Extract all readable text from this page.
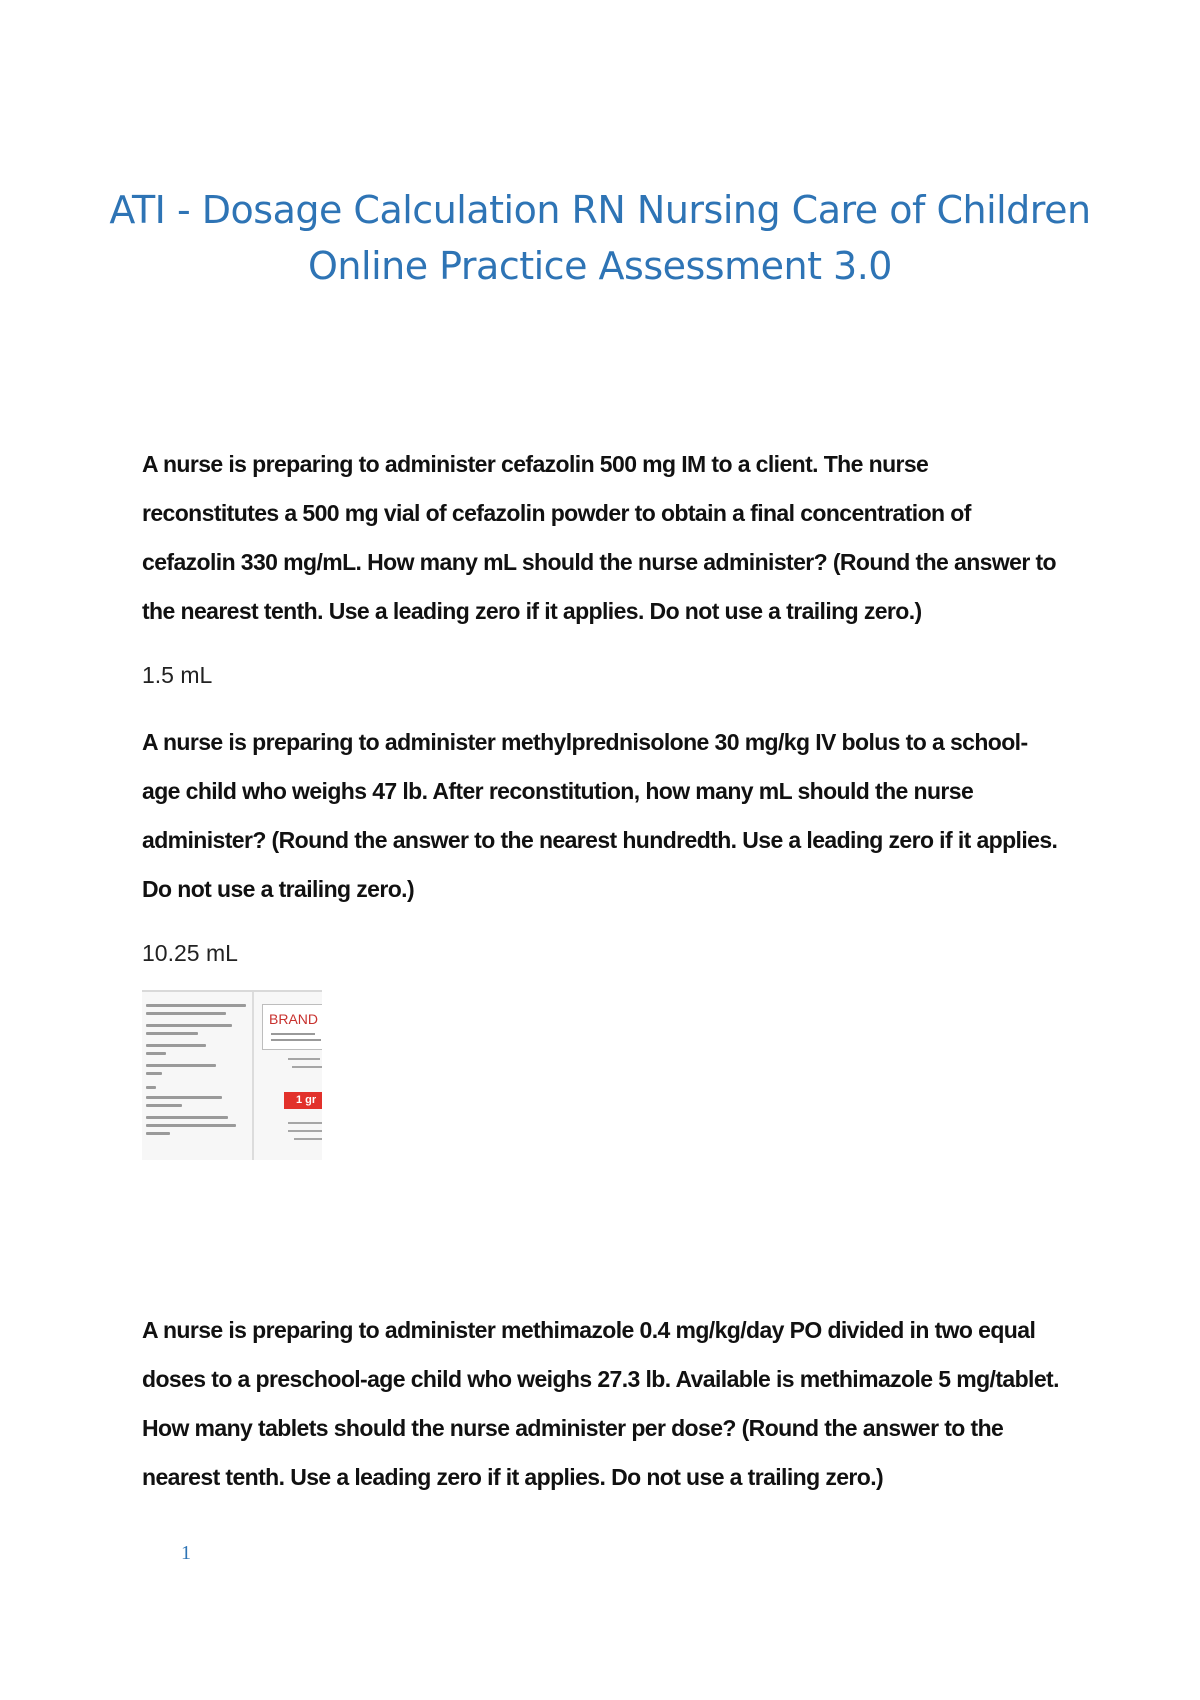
ATI - Dosage Calculation RN Nursing Care of Children
Online Practice Assessment 3.0

A nurse is preparing to administer cefazolin 500 mg IM to a client. The nurse reconstitutes a 500 mg vial of cefazolin powder to obtain a final concentration of cefazolin 330 mg/mL. How many mL should the nurse administer? (Round the answer to the nearest tenth. Use a leading zero if it applies. Do not use a trailing zero.)

1.5 mL

A nurse is preparing to administer methylprednisolone 30 mg/kg IV bolus to a school-age child who weighs 47 lb. After reconstitution, how many mL should the nurse administer? (Round the answer to the nearest hundredth. Use a leading zero if it applies. Do not use a trailing zero.)

10.25 mL

BRAND
1 gr

A nurse is preparing to administer methimazole 0.4 mg/kg/day PO divided in two equal doses to a preschool-age child who weighs 27.3 lb. Available is methimazole 5 mg/tablet. How many tablets should the nurse administer per dose? (Round the answer to the nearest tenth. Use a leading zero if it applies. Do not use a trailing zero.)

1
